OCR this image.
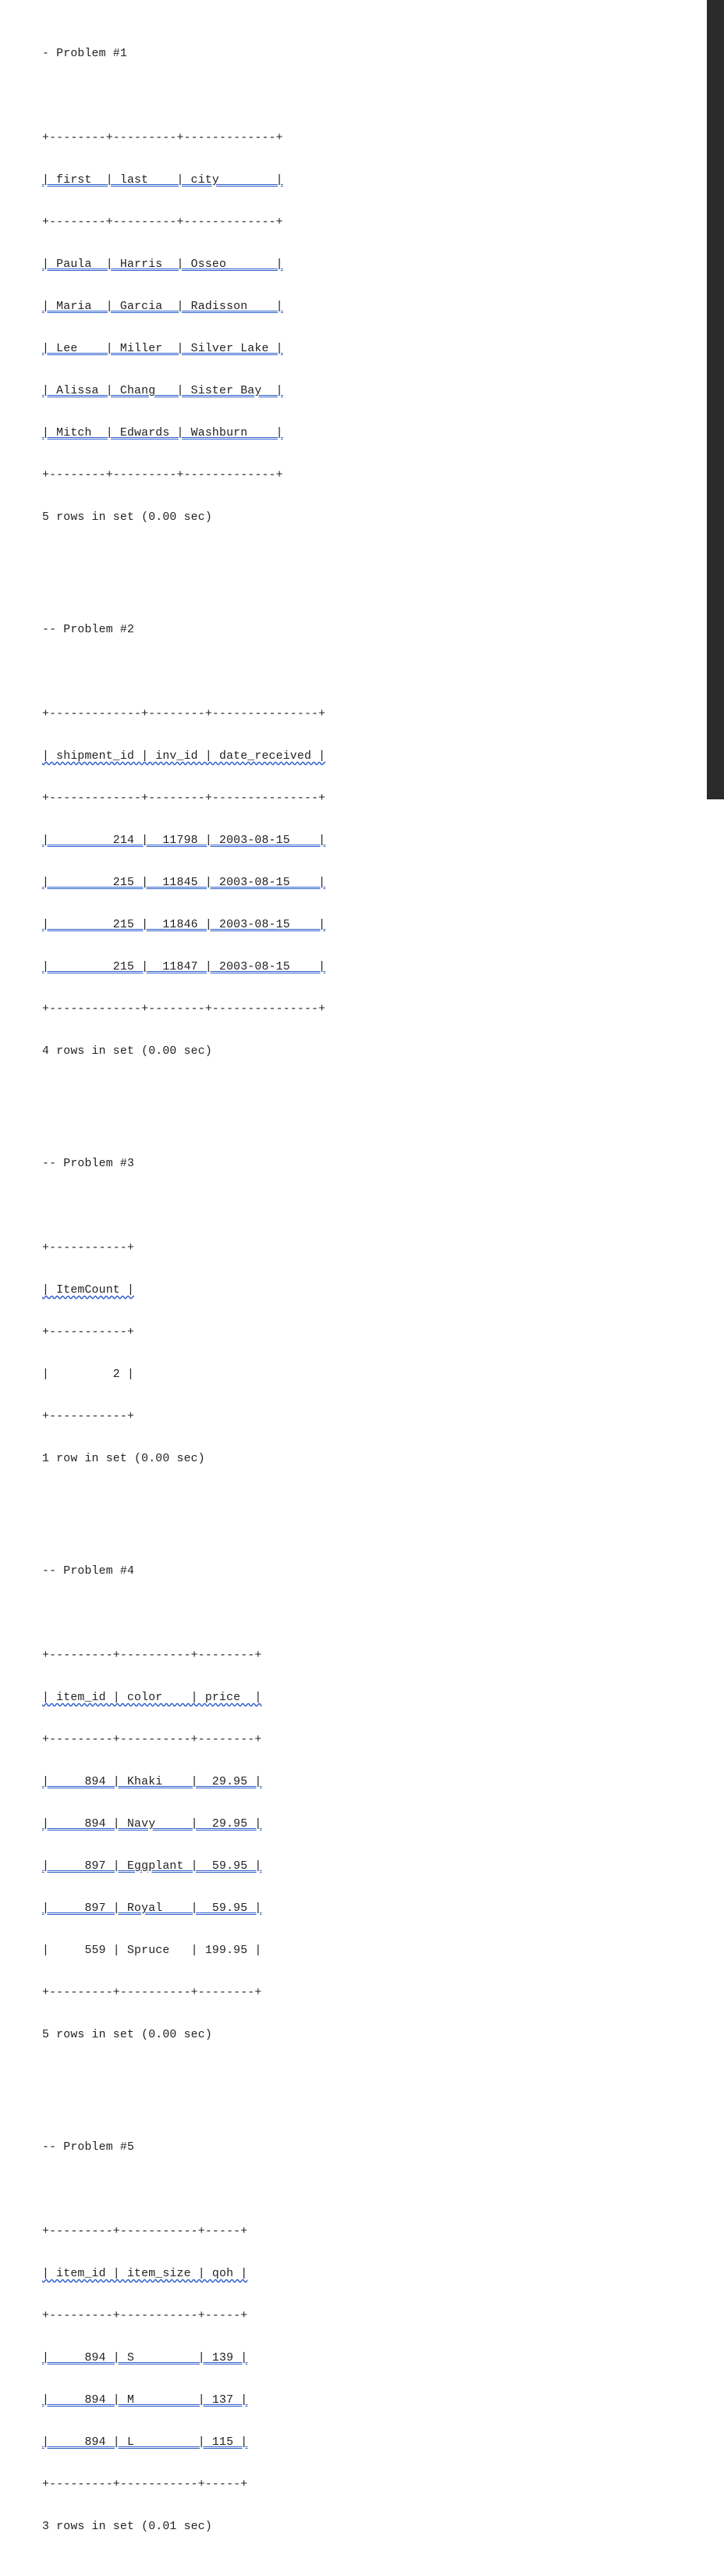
- Problem #1

+--------+---------+-------------+

| first  | last    | city        |

+--------+---------+-------------+

| Paula  | Harris  | Osseo       |

| Maria  | Garcia  | Radisson    |

| Lee    | Miller  | Silver Lake |

| Alissa | Chang   | Sister Bay  |

| Mitch  | Edwards | Washburn    |

+--------+---------+-------------+

5 rows in set (0.00 sec)

-- Problem #2

+-------------+--------+---------------+

| shipment_id | inv_id | date_received |

+-------------+--------+---------------+

|         214 |  11798 | 2003-08-15    |

|         215 |  11845 | 2003-08-15    |

|         215 |  11846 | 2003-08-15    |

|         215 |  11847 | 2003-08-15    |

+-------------+--------+---------------+

4 rows in set (0.00 sec)

-- Problem #3

+-----------+

| ItemCount |

+-----------+

|         2 |

+-----------+

1 row in set (0.00 sec)

-- Problem #4

+---------+----------+--------+

| item_id | color    | price  |

+---------+----------+--------+

|     894 | Khaki    |  29.95 |

|     894 | Navy     |  29.95 |

|     897 | Eggplant |  59.95 |

|     897 | Royal    |  59.95 |

|     559 | Spruce   | 199.95 |

+---------+----------+--------+

5 rows in set (0.00 sec)

-- Problem #5

+---------+-----------+-----+

| item_id | item_size | qoh |

+---------+-----------+-----+

|     894 | S         | 139 |

|     894 | M         | 137 |

|     894 | L         | 115 |

+---------+-----------+-----+

3 rows in set (0.01 sec)
